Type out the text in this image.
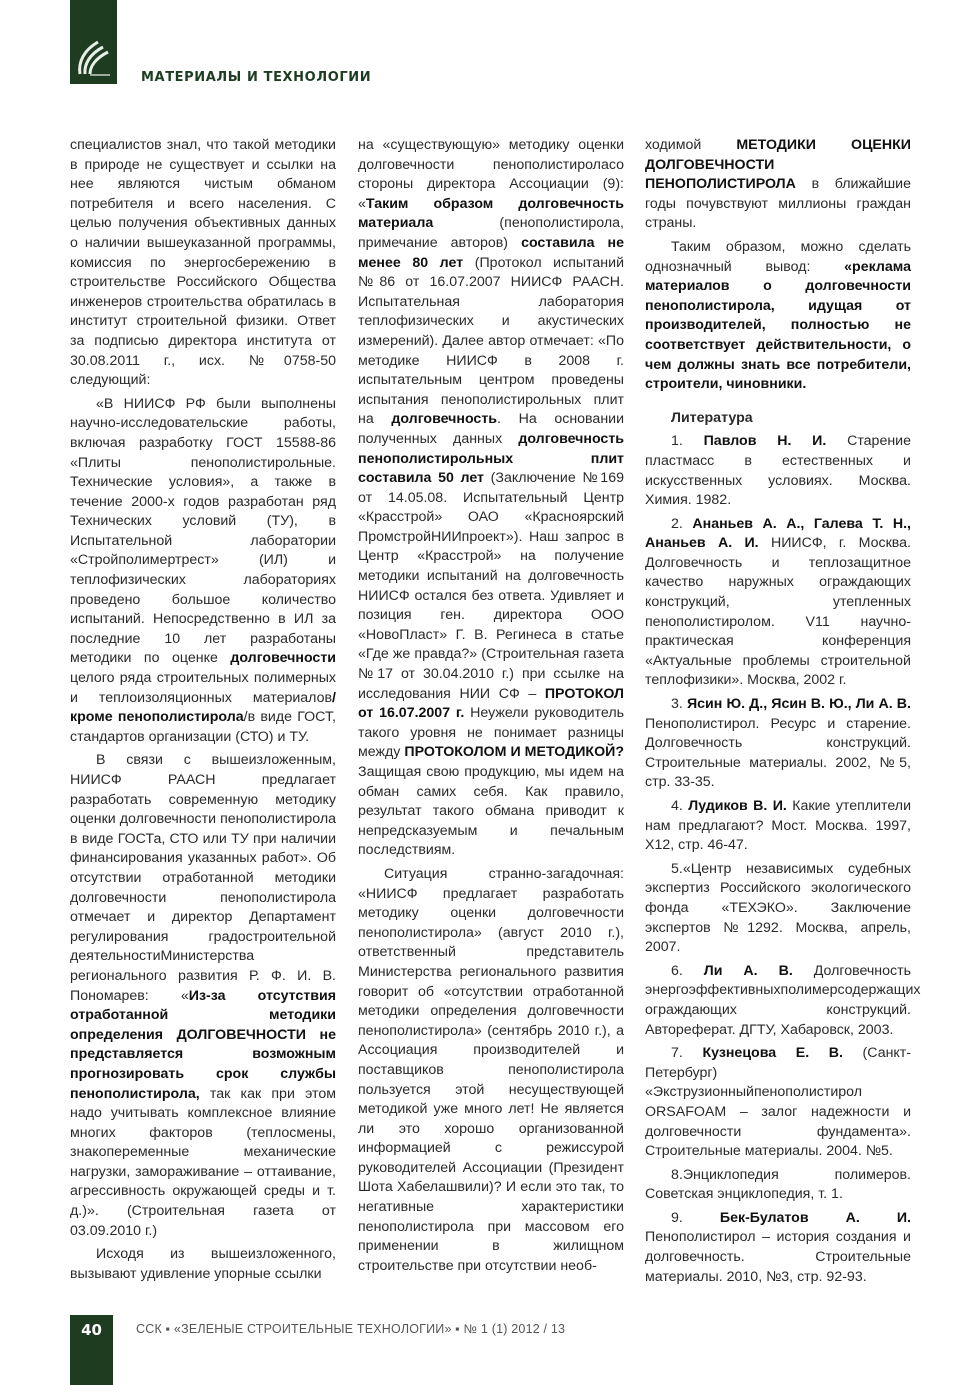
МАТЕРИАЛЫ И ТЕХНОЛОГИИ

специалистов знал, что такой методики в природе не существует и ссылки на нее являются чистым обманом потребителя и всего населения. С целью получения объективных данных о наличии вышеуказанной программы, комиссия по энергосбережению в строительстве Российского Общества инженеров строительства обратилась в институт строительной физики. Ответ за подписью директора института от 30.08.2011 г., исх. №0758-50 следующий:

«В НИИСФ РФ были выполнены научно-исследовательские работы, включая разработку ГОСТ 15588-86 «Плиты пенополистирольные. Технические условия», а также в течение 2000-х годов разработан ряд Технических условий (ТУ), в Испытательной лаборатории «Стройполимертрест» (ИЛ) и теплофизических лабораториях проведено большое количество испытаний. Непосредственно в ИЛ за последние 10 лет разработаны методики по оценке долговечности целого ряда строительных полимерных и теплоизоляционных материалов/кроме пенополистирола/в виде ГОСТ, стандартов организации (СТО) и ТУ.

В связи с вышеизложенным, НИИСФ РААСН предлагает разработать современную методику оценки долговечности пенополистирола в виде ГОСТа, СТО или ТУ при наличии финансирования указанных работ». Об отсутствии отработанной методики долговечности пенополистирола отмечает и директор Департамент регулирования градостроительной деятельностиМинистерства регионального развития Р. Ф. И. В. Пономарев: «Из-за отсутствия отработанной методики определения ДОЛГОВЕЧНОСТИ не представляется возможным прогнозировать срок службы пенополистирола, так как при этом надо учитывать комплексное влияние многих факторов (теплосмены, знакопеременные механические нагрузки, замораживание – оттаивание, агрессивность окружающей среды и т. д.)». (Строительная газета от 03.09.2010 г.)

Исходя из вышеизложенного, вызывают удивление упорные ссылки

на «существующую» методику оценки долговечности пенополистироласо стороны директора Ассоциации (9): «Таким образом долговечность материала (пенополистирола, примечание авторов) составила не менее 80 лет (Протокол испытаний №86 от 16.07.2007 НИИСФ РААСН. Испытательная лаборатория теплофизических и акустических измерений). Далее автор отмечает: «По методике НИИСФ в 2008 г. испытательным центром проведены испытания пенополистирольных плит на долговечность. На основании полученных данных долговечность пенополистирольных плит составила 50 лет (Заключение №169 от 14.05.08. Испытательный Центр «Красстрой» ОАО «Красноярский ПромстройНИИпроект»). Наш запрос в Центр «Красстрой» на получение методики испытаний на долговечность НИИСФ остался без ответа. Удивляет и позиция ген. директора ООО «НовоПласт» Г. В. Регинеса в статье «Где же правда?» (Строительная газета №17 от 30.04.2010 г.) при ссылке на исследования НИИ СФ – ПРОТОКОЛ от 16.07.2007 г. Неужели руководитель такого уровня не понимает разницы между ПРОТОКОЛОМ И МЕТОДИКОЙ? Защищая свою продукцию, мы идем на обман самих себя. Как правило, результат такого обмана приводит к непредсказуемым и печальным последствиям.

Ситуация странно-загадочная: «НИИСФ предлагает разработать методику оценки долговечности пенополистирола» (август 2010 г.), ответственный представитель Министерства регионального развития говорит об «отсутствии отработанной методики определения долговечности пенополистирола» (сентябрь 2010 г.), а Ассоциация производителей и поставщиков пенополистирола пользуется этой несуществующей методикой уже много лет! Не является ли это хорошо организованной информацией с режиссурой руководителей Ассоциации (Президент Шота Хабелашвили)? И если это так, то негативные характеристики пенополистирола при массовом его применении в жилищном строительстве при отсутствии необ-

ходимой МЕТОДИКИ ОЦЕНКИ ДОЛГОВЕЧНОСТИ ПЕНОПОЛИСТИРОЛА в ближайшие годы почувствуют миллионы граждан страны.

Таким образом, можно сделать однозначный вывод: «реклама материалов о долговечности пенополистирола, идущая от производителей, полностью не соответствует действительности, о чем должны знать все потребители, строители, чиновники.

Литература

1. Павлов Н. И. Старение пластмасс в естественных и искусственных условиях. Москва. Химия. 1982.

2. Ананьев А. А., Галева Т. Н., Ананьев А. И. НИИСФ, г. Москва. Долговечность и теплозащитное качество наружных ограждающих конструкций, утепленных пенополистиролом. V11 научно-практическая конференция «Актуальные проблемы строительной теплофизики». Москва, 2002 г.

3. Ясин Ю. Д., Ясин В. Ю., Ли А. В. Пенополистирол. Ресурс и старение. Долговечность конструкций. Строительные материалы. 2002, №5, стр. 33-35.

4. Лудиков В. И. Какие утеплители нам предлагают? Мост. Москва. 1997, X12, стр. 46-47.

5.«Центр независимых судебных экспертиз Российского экологического фонда «ТЕХЭКО». Заключение экспертов №1292. Москва, апрель, 2007.

6. Ли А. В. Долговечность энергоэффективныхполимерсодержащих ограждающих конструкций. Автореферат. ДГТУ, Хабаровск, 2003.

7. Кузнецова Е. В. (Санкт-Петербург) «Экструзионныйпенополистирол ORSAFOAM – залог надежности и долговечности фундамента». Строительные материалы. 2004. №5.

8.Энциклопедия полимеров. Советская энциклопедия, т. 1.

9. Бек-Булатов А. И. Пенополистирол – история создания и долговечность. Строительные материалы. 2010, №3, стр. 92-93.

40	ССК ▪ «ЗЕЛЕНЫЕ СТРОИТЕЛЬНЫЕ ТЕХНОЛОГИИ» ▪ № 1 (1) 2012 / 13
